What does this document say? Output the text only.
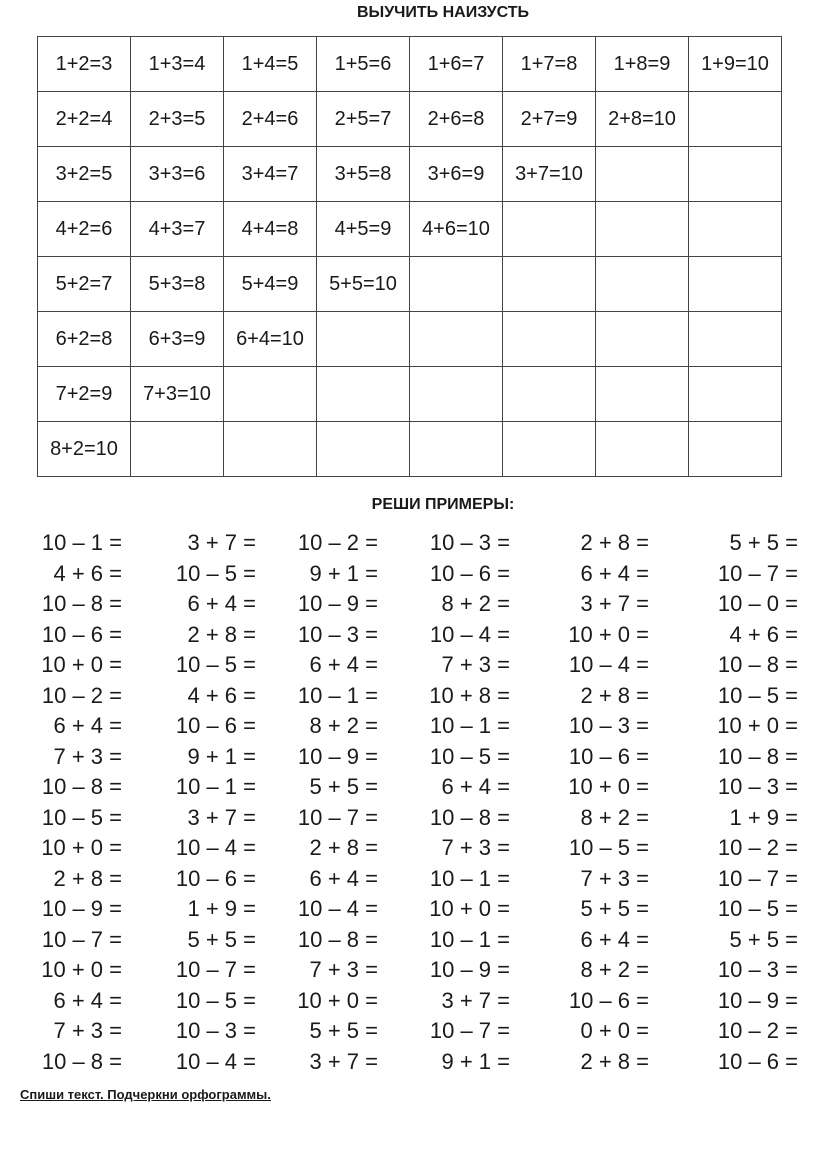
ВЫУЧИТЬ НАИЗУСТЬ
1+2=3	1+3=4	1+4=5	1+5=6	1+6=7	1+7=8	1+8=9	1+9=10
2+2=4	2+3=5	2+4=6	2+5=7	2+6=8	2+7=9	2+8=10	
3+2=5	3+3=6	3+4=7	3+5=8	3+6=9	3+7=10		
4+2=6	4+3=7	4+4=8	4+5=9	4+6=10			
5+2=7	5+3=8	5+4=9	5+5=10				
6+2=8	6+3=9	6+4=10					
7+2=9	7+3=10						
8+2=10							
РЕШИ ПРИМЕРЫ:
10 – 1 =	3 + 7 = 10 – 2 = 10 – 3 =	2 + 8 =	5 + 5 =
4 + 6 = 10 – 5 = 9 + 1 = 10 – 6 =	6 + 4 =	10 – 7 =
10 – 8 =	6 + 4 = 10 – 9 =	8 + 2 =	3 + 7 =	10 – 0 =
10 – 6 =	2 + 8 = 10 – 3 = 10 – 4 =	10 + 0 =	4 + 6 =
10 + 0 = 10 – 5 = 6 + 4 =	7 + 3 =	10 – 4 =	10 – 8 =
10 – 2 =	4 + 6 = 10 – 1 = 10 + 8 =	2 + 8 =	10 – 5 =
6 + 4 = 10 – 6 = 8 + 2 = 10 – 1 =	10 – 3 =	10 + 0 =
7 + 3 =	9 + 1 = 10 – 9 = 10 – 5 =	10 – 6 =	10 – 8 =
10 – 8 = 10 – 1 = 5 + 5 =	6 + 4 =	10 + 0 =	10 – 3 =
10 – 5 =	3 + 7 = 10 – 7 = 10 – 8 =	8 + 2 =	1 + 9 =
10 + 0 = 10 – 4 = 2 + 8 =	7 + 3 =	10 – 5 =	10 – 2 =
2 + 8 = 10 – 6 = 6 + 4 = 10 – 1 =	7 + 3 =	10 – 7 =
10 – 9 =	1 + 9 = 10 – 4 = 10 + 0 =	5 + 5 =	10 – 5 =
10 – 7 =	5 + 5 = 10 – 8 = 10 – 1 =	6 + 4 =	5 + 5 =
10 + 0 = 10 – 7 = 7 + 3 = 10 – 9 =	8 + 2 =	10 – 3 =
6 + 4 = 10 – 5 = 10 + 0 =	3 + 7 =	10 – 6 =	10 – 9 =
7 + 3 = 10 – 3 = 5 + 5 = 10 – 7 =	0 + 0 =	10 – 2 =
10 – 8 = 10 – 4 = 3 + 7 =	9 + 1 =	2 + 8 =	10 – 6 =
Спиши текст. Подчеркни орфограммы.
